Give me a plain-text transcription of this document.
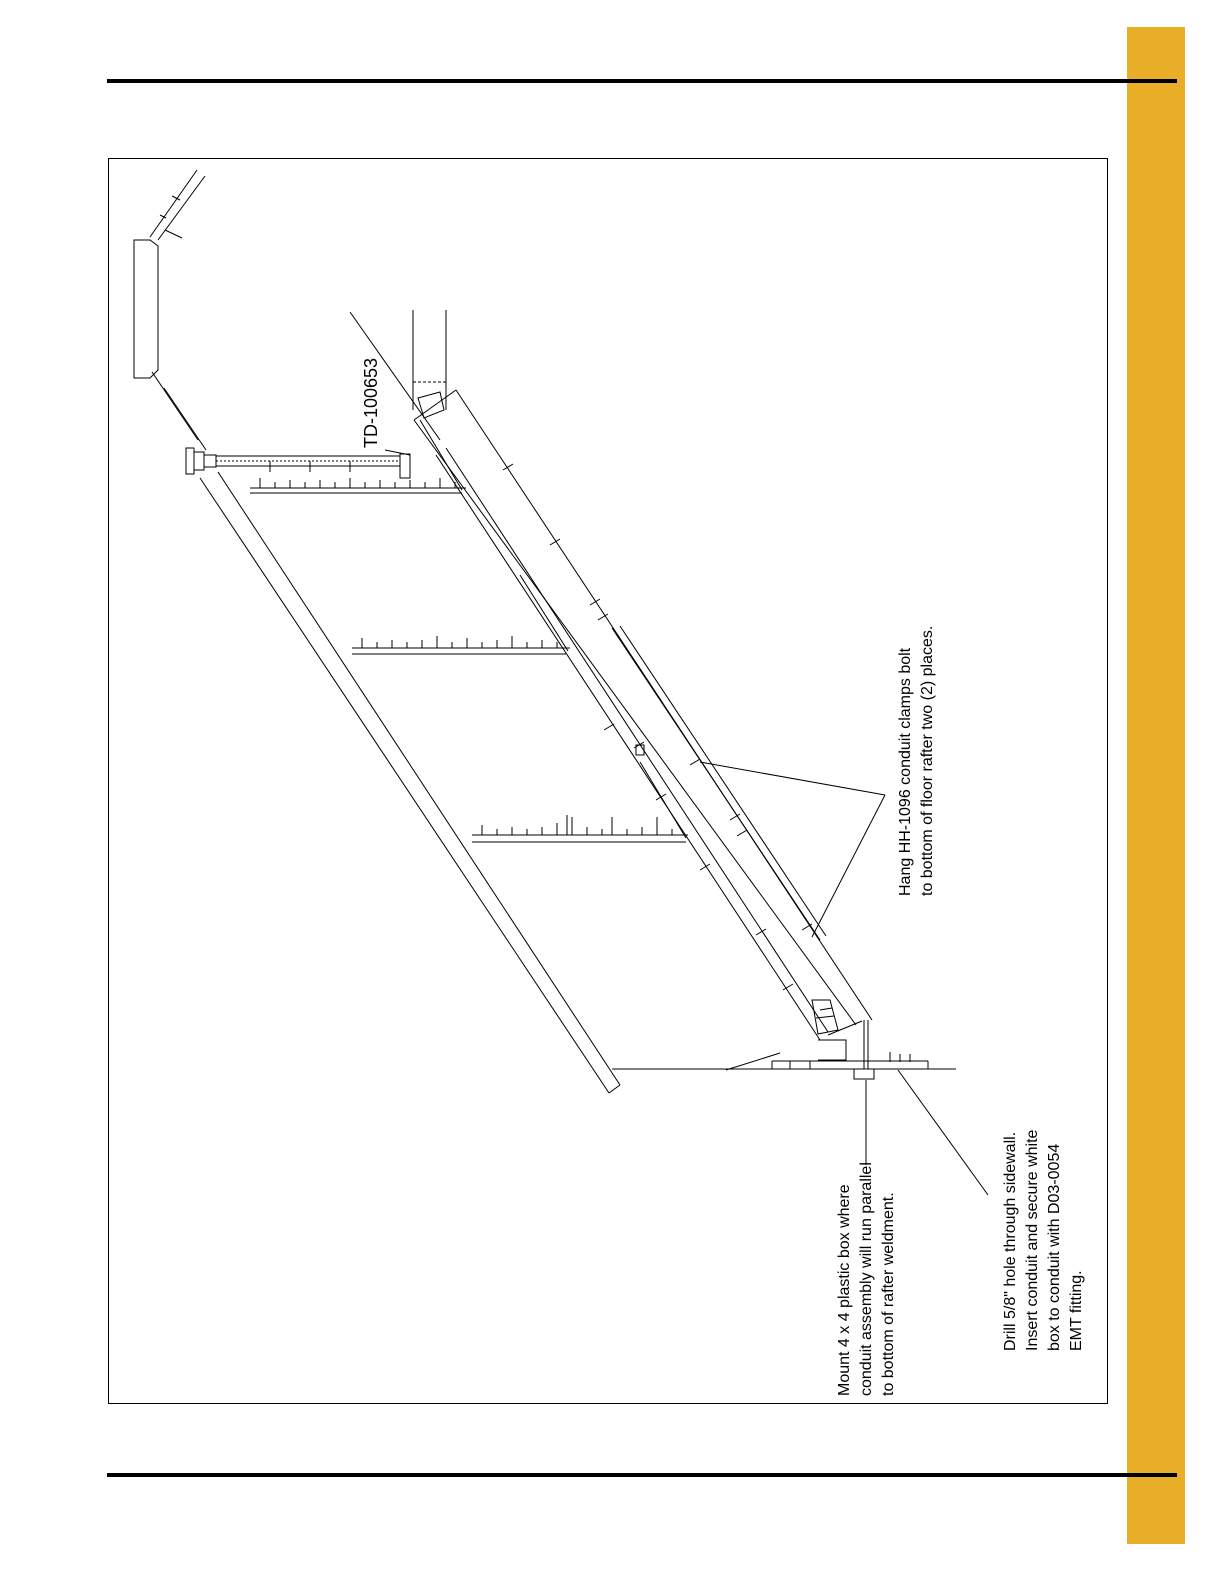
TD-100653
Hang HH-1096 conduit clamps bolt to bottom of floor rafter two (2) places.
Mount 4 x 4 plastic box where conduit assembly will run parallel to bottom of rafter weldment.	Drill 5/8" hole through sidewall. Insert conduit and secure white box to conduit with D03-0054 EMT fitting.
